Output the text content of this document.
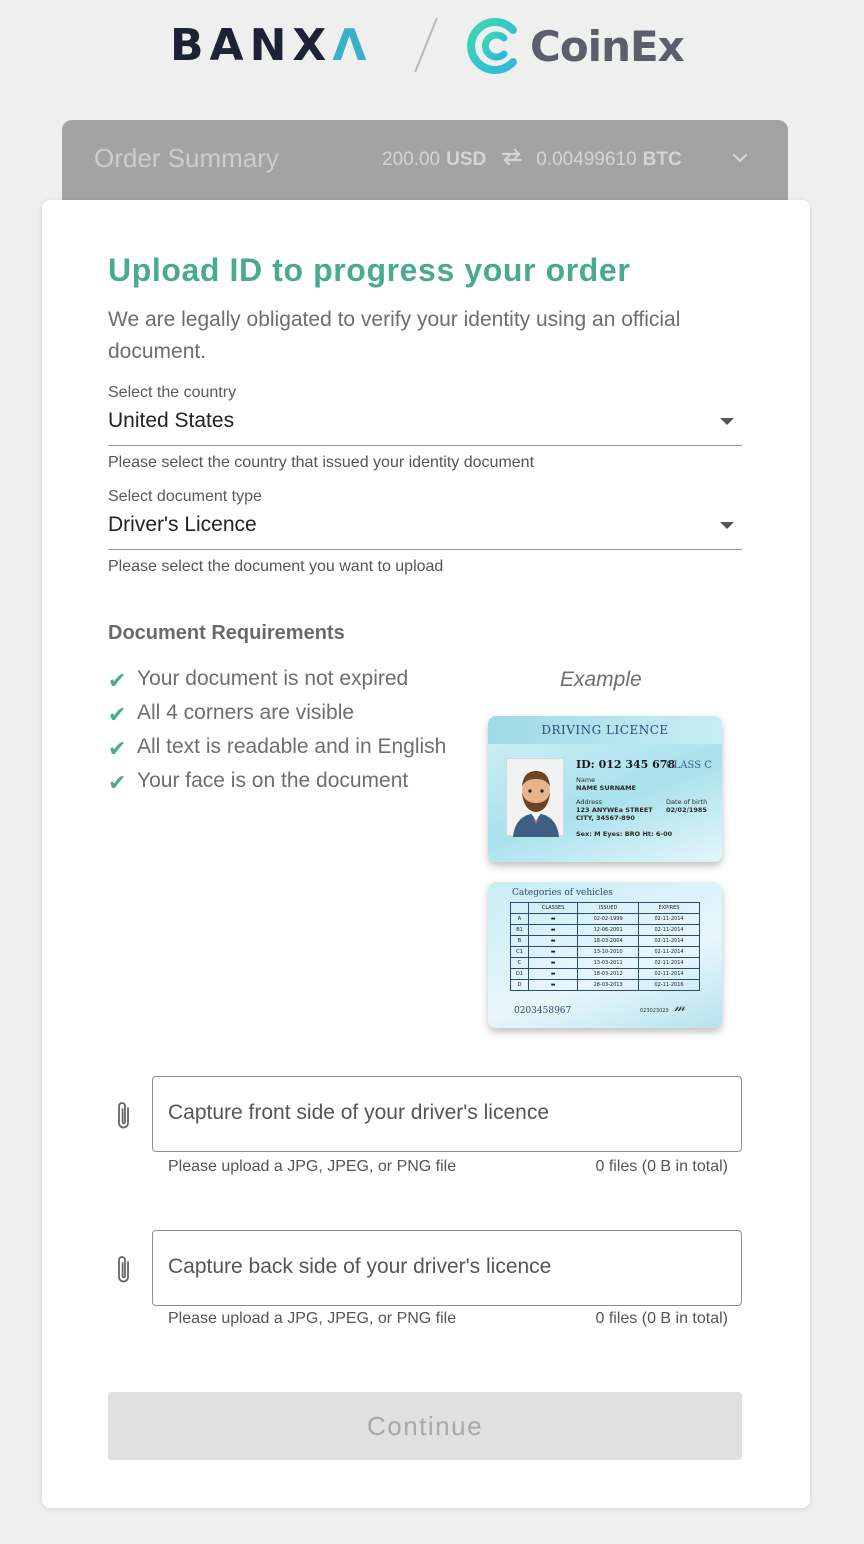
BANXΛ	CoinEx
Order Summary	200.00 USD	0.00499610 BTC
Upload ID to progress your order

We are legally obligated to verify your identity using an official document.

Select the country
United States
Please select the country that issued your identity document
Select document type
Driver's Licence
Please select the document you want to upload
Document Requirements
✔ Your document is not expired
✔ All 4 corners are visible
✔ All text is readable and in English
✔ Your face is on the document
Example
DRIVING LICENCE
ID: 012 345 678
CLASS C
Name
NAME SURNAME
Address
123 ANYWEa STREET
CITY, 34567-890
Date of birth
02/02/1985
Sex: M Eyes: BRO Ht: 6-00
Categories of vehicles
	CLASSES	ISSUED	EXPIRES
A	▬	02-02-1999	02-11-2014
B1	▬	12-06-2001	02-11-2014
B	▬	18-03-2004	02-11-2014
C1	▬	13-10-2010	02-11-2014
C	▬	13-03-2011	02-11-2014
D1	▬	18-03-2012	02-11-2014
D	▬	28-03-2013	02-11-2016
0203458967	023023023 𝓂
Capture front side of your driver's licence
Please upload a JPG, JPEG, or PNG file	0 files (0 B in total)
Capture back side of your driver's licence
Please upload a JPG, JPEG, or PNG file	0 files (0 B in total)
Continue
